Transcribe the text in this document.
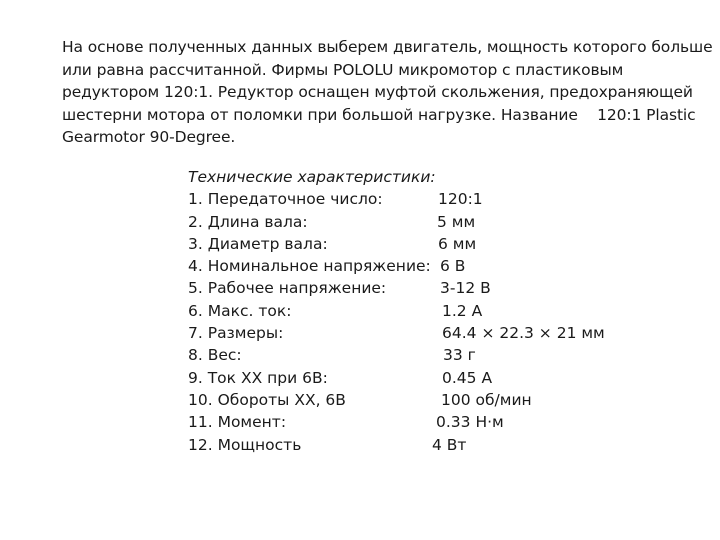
На основе полученных данных выберем двигатель, мощность которого больше
или равна рассчитанной. Фирмы POLOLU микромотор с пластиковым
редуктором 120:1. Редуктор оснащен муфтой скольжения, предохраняющей
шестерни мотора от поломки при большой нагрузке. Название    120:1 Plastic
Gearmotor 90-Degree.
Технические характеристики:
1. Передаточное число:	120:1
2. Длина вала:	5 мм
3. Диаметр вала:	6 мм
4. Номинальное напряжение: 6 В
5. Рабочее напряжение:	3-12 В
6. Макс. ток:	1.2 А
7. Размеры:	64.4 × 22.3 × 21 мм
8. Вес:	33 г
9. Ток ХХ при 6В:	0.45 А
10. Обороты ХХ, 6В	100 об/мин
11. Момент:	0.33 Н·м
12. Мощность	4 Вт
